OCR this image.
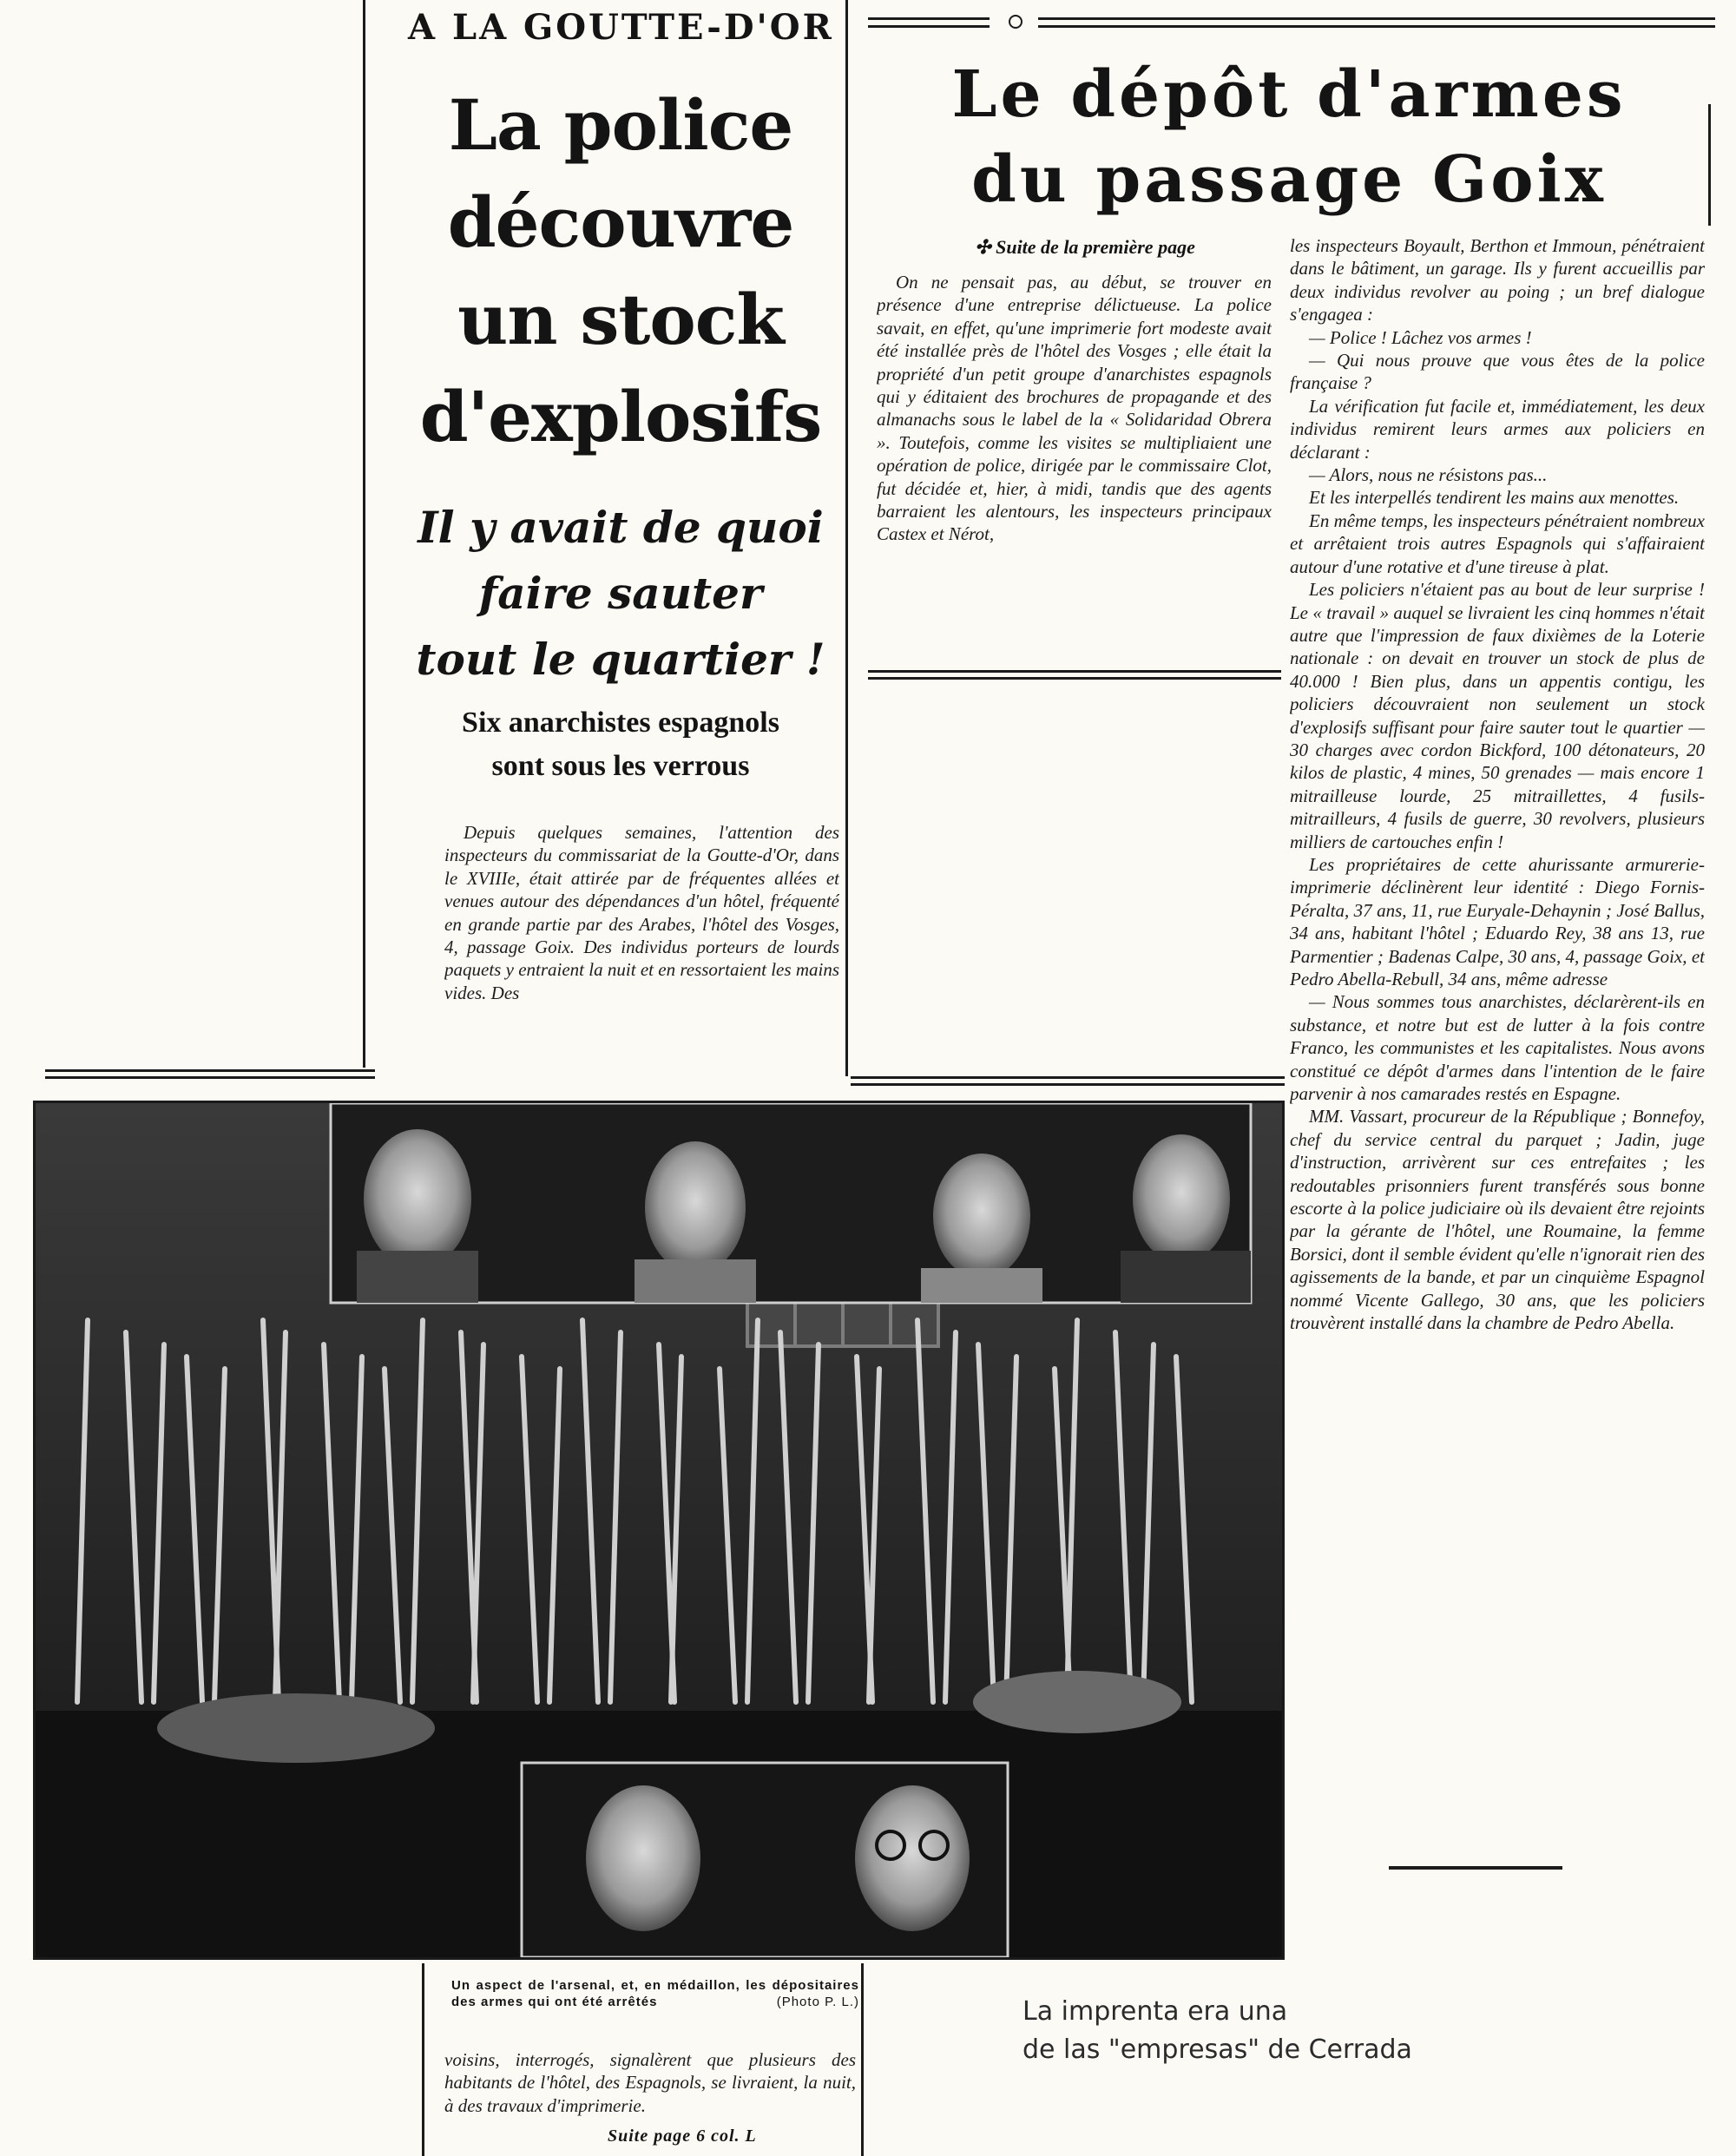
A LA GOUTTE-D'OR
La police
découvre
un stock
d'explosifs
Il y avait de quoi
faire sauter
tout le quartier !
Six anarchistes espagnols
sont sous les verrous
Depuis quelques semaines, l'attention des inspecteurs du commissariat de la Goutte-d'Or, dans le XVIIIe, était attirée par de fréquentes allées et venues autour des dépendances d'un hôtel, fréquenté en grande partie par des Arabes, l'hôtel des Vosges, 4, passage Goix. Des individus porteurs de lourds paquets y entraient la nuit et en ressortaient les mains vides. Des
Le dépôt d'armes
du passage Goix
✣ Suite de la première page
On ne pensait pas, au début, se trouver en présence d'une entreprise délictueuse. La police savait, en effet, qu'une imprimerie fort modeste avait été installée près de l'hôtel des Vosges ; elle était la propriété d'un petit groupe d'anarchistes espagnols qui y éditaient des brochures de propagande et des almanachs sous le label de la « Solidaridad Obrera ». Toutefois, comme les visites se multipliaient une opération de police, dirigée par le commissaire Clot, fut décidée et, hier, à midi, tandis que des agents barraient les alentours, les inspecteurs principaux Castex et Nérot,

les inspecteurs Boyault, Berthon et Immoun, pénétraient dans le bâtiment, un garage. Ils y furent accueillis par deux individus revolver au poing ; un bref dialogue s'engagea :

— Police ! Lâchez vos armes !

— Qui nous prouve que vous êtes de la police française ?

La vérification fut facile et, immédiatement, les deux individus remirent leurs armes aux policiers en déclarant :

— Alors, nous ne résistons pas...

Et les interpellés tendirent les mains aux menottes.

En même temps, les inspecteurs pénétraient nombreux et arrêtaient trois autres Espagnols qui s'affairaient autour d'une rotative et d'une tireuse à plat.

Les policiers n'étaient pas au bout de leur surprise ! Le « travail » auquel se livraient les cinq hommes n'était autre que l'impression de faux dixièmes de la Loterie nationale : on devait en trouver un stock de plus de 40.000 ! Bien plus, dans un appentis contigu, les policiers découvraient non seulement un stock d'explosifs suffisant pour faire sauter tout le quartier — 30 charges avec cordon Bickford, 100 détonateurs, 20 kilos de plastic, 4 mines, 50 grenades — mais encore 1 mitrailleuse lourde, 25 mitraillettes, 4 fusils-mitrailleurs, 4 fusils de guerre, 30 revolvers, plusieurs milliers de cartouches enfin !

Les propriétaires de cette ahurissante armurerie-imprimerie déclinèrent leur identité : Diego Fornis-Péralta, 37 ans, 11, rue Euryale-Dehaynin ; José Ballus, 34 ans, habitant l'hôtel ; Eduardo Rey, 38 ans 13, rue Parmentier ; Badenas Calpe, 30 ans, 4, passage Goix, et Pedro Abella-Rebull, 34 ans, même adresse

— Nous sommes tous anarchistes, déclarèrent-ils en substance, et notre but est de lutter à la fois contre Franco, les communistes et les capitalistes. Nous avons constitué ce dépôt d'armes dans l'intention de le faire parvenir à nos camarades restés en Espagne.

MM. Vassart, procureur de la République ; Bonnefoy, chef du service central du parquet ; Jadin, juge d'instruction, arrivèrent sur ces entrefaites ; les redoutables prisonniers furent transférés sous bonne escorte à la police judiciaire où ils devaient être rejoints par la gérante de l'hôtel, une Roumaine, la femme Borsici, dont il semble évident qu'elle n'ignorait rien des agissements de la bande, et par un cinquième Espagnol nommé Vicente Gallego, 30 ans, que les policiers trouvèrent installé dans la chambre de Pedro Abella.

Un aspect de l'arsenal, et, en médaillon, les dépositaires des armes qui ont été arrêtés	(Photo P. L.)
voisins, interrogés, signalèrent que plusieurs des habitants de l'hôtel, des Espagnols, se livraient, la nuit, à des travaux d'imprimerie.
Suite page 6 col. L
La imprenta era una
de las "empresas" de Cerrada
